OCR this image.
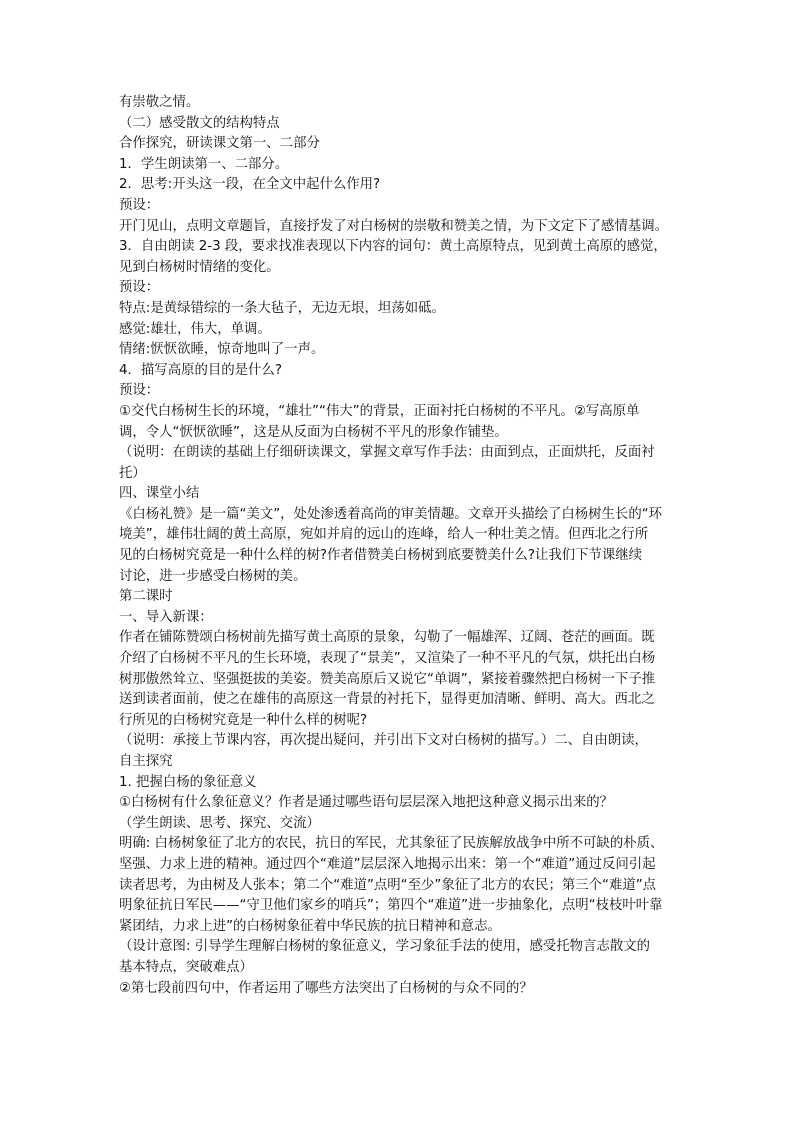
有崇敬之情。

（二）感受散文的结构特点

合作探究，研读课文第一、二部分

1．学生朗读第一、二部分。

2．思考:开头这一段，在全文中起什么作用?

预设：

开门见山，点明文章题旨，直接抒发了对白杨树的崇敬和赞美之情，为下文定下了感情基调。

3．自由朗读 2-3 段，要求找准表现以下内容的词句：黄土高原特点，见到黄土高原的感觉，

见到白杨树时情绪的变化。

预设：

特点:是黄绿错综的一条大毡子，无边无垠，坦荡如砥。

感觉:雄壮，伟大，单调。

情绪:恹恹欲睡，惊奇地叫了一声。

4．描写高原的目的是什么?

预设：

①交代白杨树生长的环境，“雄壮”“伟大”的背景，正面衬托白杨树的不平凡。②写高原单

调，令人“恹恹欲睡”，这是从反面为白杨树不平凡的形象作铺垫。

（说明：在朗读的基础上仔细研读课文，掌握文章写作手法：由面到点，正面烘托，反面衬

托）

四、课堂小结

《白杨礼赞》是一篇“美文”，处处渗透着高尚的审美情趣。文章开头描绘了白杨树生长的“环

境美”，雄伟壮阔的黄土高原，宛如并肩的远山的连峰，给人一种壮美之情。但西北之行所

见的白杨树究竟是一种什么样的树?作者借赞美白杨树到底要赞美什么?让我们下节课继续

讨论，进一步感受白杨树的美。

第二课时

一、导入新课：

作者在铺陈赞颂白杨树前先描写黄土高原的景象，勾勒了一幅雄浑、辽阔、苍茫的画面。既

介绍了白杨树不平凡的生长环境，表现了“景美”，又渲染了一种不平凡的气氛，烘托出白杨

树那傲然耸立、坚强挺拔的美姿。赞美高原后又说它“单调”，紧接着骤然把白杨树一下子推

送到读者面前，使之在雄伟的高原这一背景的衬托下，显得更加清晰、鲜明、高大。西北之

行所见的白杨树究竟是一种什么样的树呢?

（说明：承接上节课内容，再次提出疑问，并引出下文对白杨树的描写。）二、自由朗读，

自主探究

1. 把握白杨的象征意义

①白杨树有什么象征意义？作者是通过哪些语句层层深入地把这种意义揭示出来的？

（学生朗读、思考、探究、交流）

明确: 白杨树象征了北方的农民，抗日的军民，尤其象征了民族解放战争中所不可缺的朴质、

坚强、力求上进的精神。通过四个“难道”层层深入地揭示出来：第一个“难道”通过反问引起

读者思考，为由树及人张本；第二个“难道”点明“至少”象征了北方的农民；第三个“难道”点

明象征抗日军民——“守卫他们家乡的哨兵”；第四个“难道”进一步抽象化，点明“枝枝叶叶靠

紧团结，力求上进”的白杨树象征着中华民族的抗日精神和意志。

（设计意图: 引导学生理解白杨树的象征意义，学习象征手法的使用，感受托物言志散文的

基本特点，突破难点）

②第七段前四句中，作者运用了哪些方法突出了白杨树的与众不同的？
